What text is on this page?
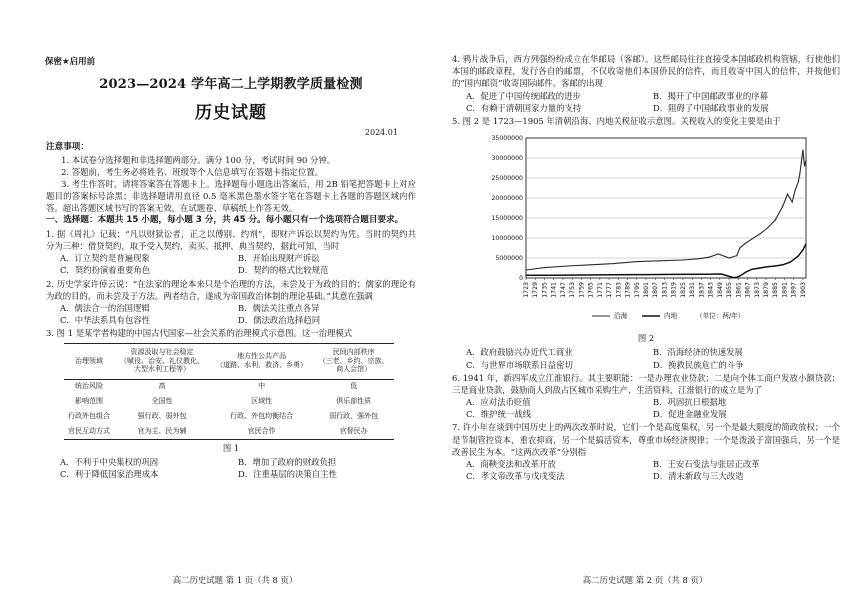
保密★启用前
2023—2024 学年高二上学期教学质量检测
历史试题
2024.01
注意事项：
1. 本试卷分选择题和非选择题两部分。满分 100 分，考试时间 90 分钟。
2. 答题前，考生务必将姓名、班级等个人信息填写在答题卡指定位置。
3. 考生作答时，请将答案答在答题卡上。选择题每小题选出答案后，用 2B 铅笔把答题卡上对应题目的答案标号涂黑；非选择题请用直径 0.5 毫米黑色墨水签字笔在答题卡上各题的答题区域内作答。超出答题区域书写的答案无效，在试题卷、草稿纸上作答无效。
一、选择题：本题共 15 小题，每小题 3 分，共 45 分。每小题只有一个选项符合题目要求。
1. 据《周礼》记载：“凡以财狱讼者，正之以傅别、约剂”，即财产诉讼以契约为凭。当时的契约共分为三种：借贷契约，取予受入契约，卖买、抵押、典当契约，据此可知，当时
A．订立契约是普遍现象	B．开始出现财产诉讼
C．契约扮演着重要角色	D．契约的格式比较规范
2. 历史学家许倬云说：“在法家的理论本来只是个治理的方法，未尝及于为政的目的；儒家的理论有为政的目的，而未尝及于方法。两者结合，遂成为帝国政治体制的理论基础。”其意在强调
A．儒法合一的治国逻辑	B．儒法关注重点各异
C．中华法系具有包容性	D．儒法政治选择趋同
3. 图 1 是某学者构建的中国古代国家—社会关系的治理模式示意图。这一治理模式
治理领域	资源汲取与社会稳定
（赋役、治安、礼仪教化、
大型水利工程等）	地方性公共产品
（道路、水利、救济、乡勇）	民间内部秩序
（三老、乡约、宗族、
商人会馆）

统治风险	高	中	低
影响范围	全国性	区域性	俱乐部性质
行政外包组合	强行政、弱外包	行政、外包均衡结合	弱行政、强外包
官民互动方式	官为主、民为辅	官民合作	官督民办
图 1
A．不利于中央集权的巩固	B．增加了政府的财政负担
C．利于降低国家治理成本	D．注重基层的决策自主性
高二历史试题 第 1 页（共 8 页）
4. 鸦片战争后，西方列强纷纷成立在华邮局（客邮）。这些邮局往往直接受本国邮政机构管辖，行使他们本国的邮政章程，发行各自的邮票，不仅收寄他们本国侨民的信件，而且收寄中国人的信件，并按他们的“国内邮资”收寄国际邮件。客邮的出现
A．促进了中国传统邮政的进步	B．揭开了中国邮政事业的序幕
C．有赖于清朝国家力量的支持	D．阻碍了中国邮政事业的发展
5. 图 2 是 1723—1905 年清朝沿海、内地关税征收示意图。关税收入的变化主要是由于
35000000
30000000
25000000
20000000
15000000
10000000
5000000
0
1723 1729 1735 1741 1747 1753 1759 1765 1771 1777 1783 1789 1795 1801 1807 1813 1819 1825 1831 1837 1843 1849 1855 1861 1867 1873 1879 1885 1891 1897 1903
沿海	内地	（单位：两/年）
图 2
A．政府鼓励兴办近代工商业	B．沿海经济的快速发展
C．与世界市场联系日益密切	D．挽救民族危亡的斗争
6. 1941 年，新四军成立江淮银行。其主要职能：一是办理农业贷款；二是向个体工商户发放小额贷款；三是商业贷款，鼓励商人到敌占区城市采购生产、生活资料，江淮银行的成立是为了
A．应对法币贬值	B．巩固抗日根据地
C．维护统一战线	D．促进金融业发展
7. 许小年在谈到中国历史上的两次改革时说，它们一个是高度集权，另一个是最大限度的简政放权；一个是节制管控资本，重农抑商，另一个是搞活资本，尊重市场经济规律；一个是泼汲于富国强兵，另一个是改善民生为本。“这两次改革”分别指
A．商鞅变法和改革开放	B．王安石变法与张居正改革
C．孝文帝改革与戊戌变法	D．清末新政与三大改造
高二历史试题 第 2 页（共 8 页）
